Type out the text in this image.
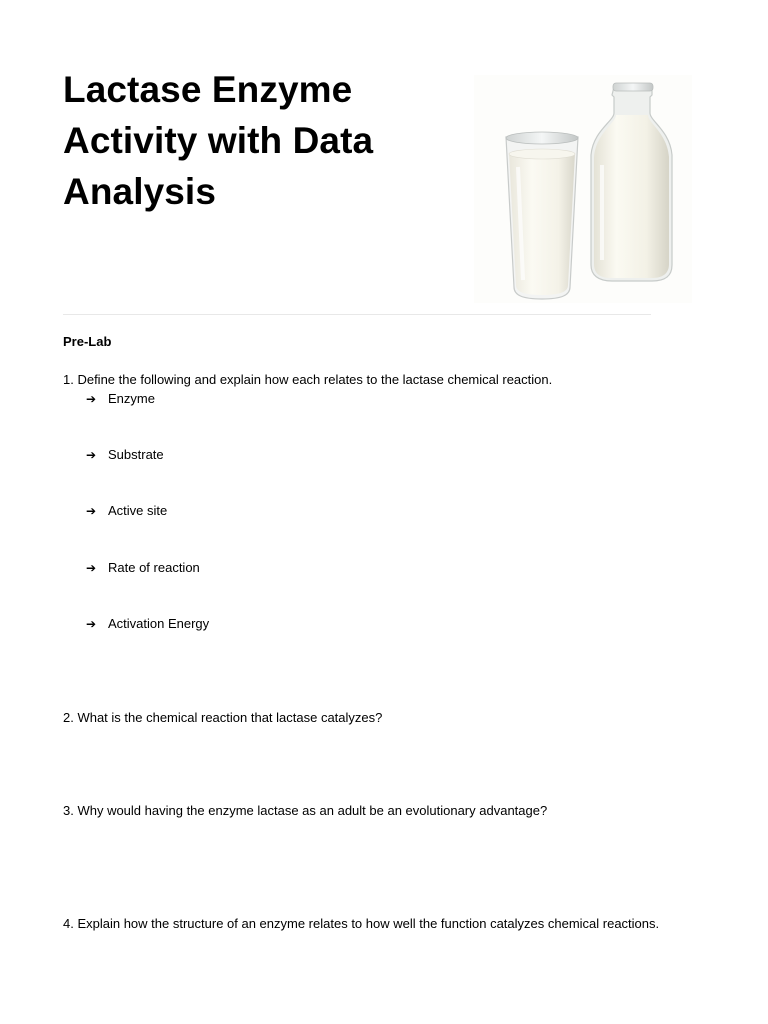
Lactase Enzyme Activity with Data Analysis
Pre-Lab

1. Define the following and explain how each relates to the lactase chemical reaction.

➔ Enzyme
➔ Substrate
➔ Active site
➔ Rate of reaction
➔ Activation Energy

2. What is the chemical reaction that lactase catalyzes?

3. Why would having the enzyme lactase as an adult be an evolutionary advantage?

4. Explain how the structure of an enzyme relates to how well the function catalyzes chemical reactions.
